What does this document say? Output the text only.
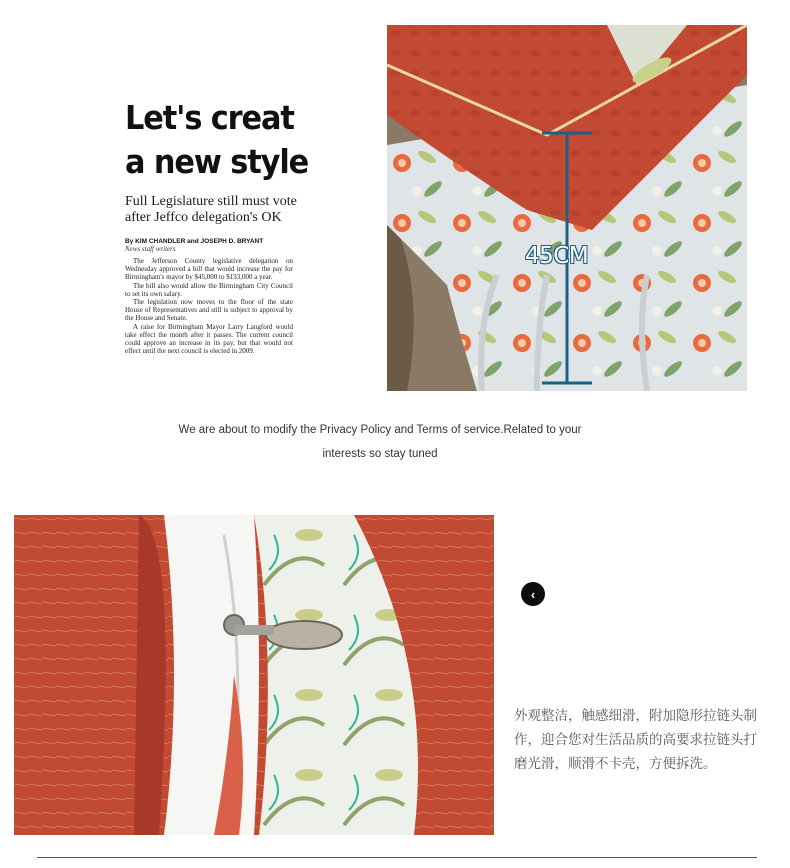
Let's creat
a new style
Full Legislature still must vote after Jeffco delegation's OK
By KIM CHANDLER and JOSEPH D. BRYANT
News staff writers

The Jefferson County legislative delegation on Wednesday approved a bill that would increase the pay for Birmingham's mayor by $45,000 to $133,000 a year.

The bill also would allow the Birmingham City Council to set its own salary.

The legislation now moves to the floor of the state House of Representatives and still is subject to approval by the House and Senate.

A raise for Birmingham Mayor Larry Langford would take effect the month after it passes. The current council could approve an increase in its pay, but that would not effect until the next council is elected in 2009.

45CM
We are about to modify the Privacy Policy and Terms of service.Related to your
interests so stay tuned
‹
外观整洁，触感细滑，附加隐形拉链头制作，迎合您对生活品质的高要求拉链头打磨光滑，顺滑不卡壳，方便拆洗。
